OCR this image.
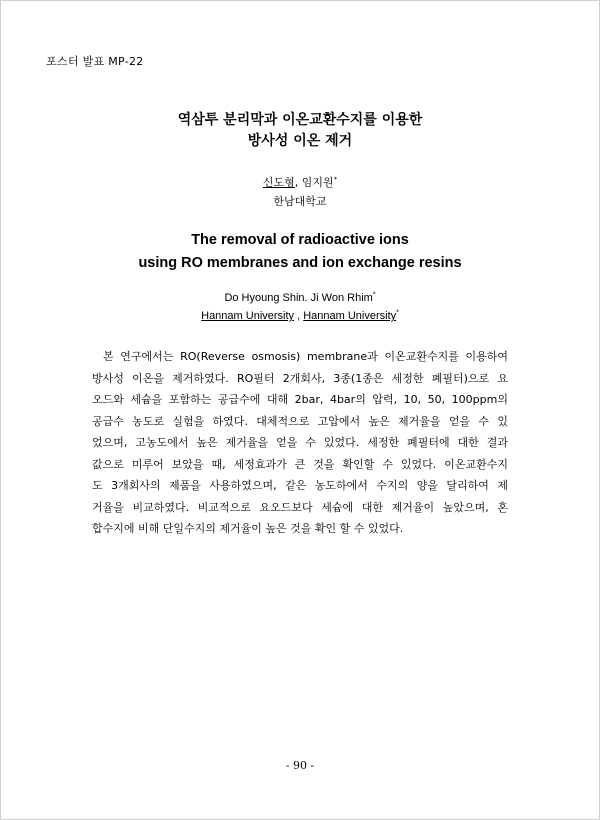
포스터 발표 MP-22
역삼투 분리막과 이온교환수지를 이용한
방사성 이온 제거
신도형, 임지원*
한남대학교
The removal of radioactive ions
using RO membranes and ion exchange resins
Do Hyoung Shin. Ji Won Rhim*
Hannam University , Hannam University*
본 연구에서는 RO(Reverse osmosis) membrane과 이온교환수지를 이용하여
방사성 이온을 제거하였다. RO필터 2개회사, 3종(1종은 세정한 폐필터)으로 요
오드와 세슘을 포함하는 공급수에 대해 2bar, 4bar의 압력, 10, 50, 100ppm의
공급수 농도로 실험을 하였다. 대체적으로 고압에서 높은 제거율을 얻을 수 있
었으며, 고농도에서 높은 제거율을 얻을 수 있었다. 세정한 폐필터에 대한 결과
값으로 미루어 보았을 때, 세정효과가 큰 것을 확인할 수 있었다. 이온교환수지
도 3개회사의 제품을 사용하였으며, 같은 농도하에서 수지의 양을 달리하여 제
거율을 비교하였다. 비교적으로 요오드보다 세슘에 대한 제거율이 높았으며, 혼
합수지에 비해 단일수지의 제거율이 높은 것을 확인 할 수 있었다.
- 90 -
